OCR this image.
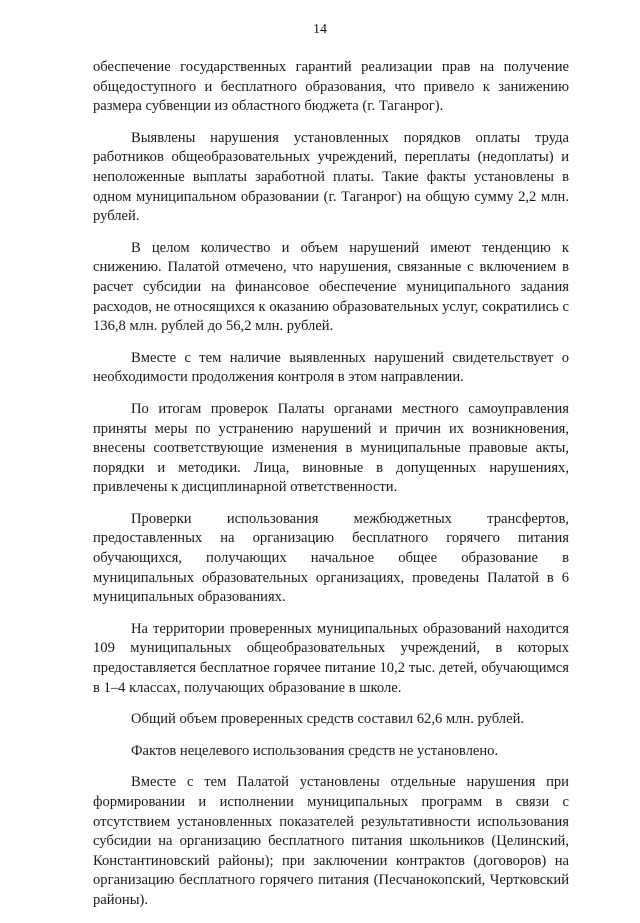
14

обеспечение государственных гарантий реализации прав на получение общедоступного и бесплатного образования, что привело к занижению размера субвенции из областного бюджета (г. Таганрог).

Выявлены нарушения установленных порядков оплаты труда работников общеобразовательных учреждений, переплаты (недоплаты) и неположенные выплаты заработной платы. Такие факты установлены в одном муниципальном образовании (г. Таганрог) на общую сумму 2,2 млн. рублей.

В целом количество и объем нарушений имеют тенденцию к снижению. Палатой отмечено, что нарушения, связанные с включением в расчет субсидии на финансовое обеспечение муниципального задания расходов, не относящихся к оказанию образовательных услуг, сократились с 136,8 млн. рублей до 56,2 млн. рублей.

Вместе с тем наличие выявленных нарушений свидетельствует о необходимости продолжения контроля в этом направлении.

По итогам проверок Палаты органами местного самоуправления приняты меры по устранению нарушений и причин их возникновения, внесены соответствующие изменения в муниципальные правовые акты, порядки и методики. Лица, виновные в допущенных нарушениях, привлечены к дисциплинарной ответственности.

Проверки использования межбюджетных трансфертов, предоставленных на организацию бесплатного горячего питания обучающихся, получающих начальное общее образование в муниципальных образовательных организациях, проведены Палатой в 6 муниципальных образованиях.

На территории проверенных муниципальных образований находится 109 муниципальных общеобразовательных учреждений, в которых предоставляется бесплатное горячее питание 10,2 тыс. детей, обучающимся в 1–4 классах, получающих образование в школе.

Общий объем проверенных средств составил 62,6 млн. рублей.

Фактов нецелевого использования средств не установлено.

Вместе с тем Палатой установлены отдельные нарушения при формировании и исполнении муниципальных программ в связи с отсутствием установленных показателей результативности использования субсидии на организацию бесплатного питания школьников (Целинский, Константиновский районы); при заключении контрактов (договоров) на организацию бесплатного горячего питания (Песчанокопский, Чертковский районы).
